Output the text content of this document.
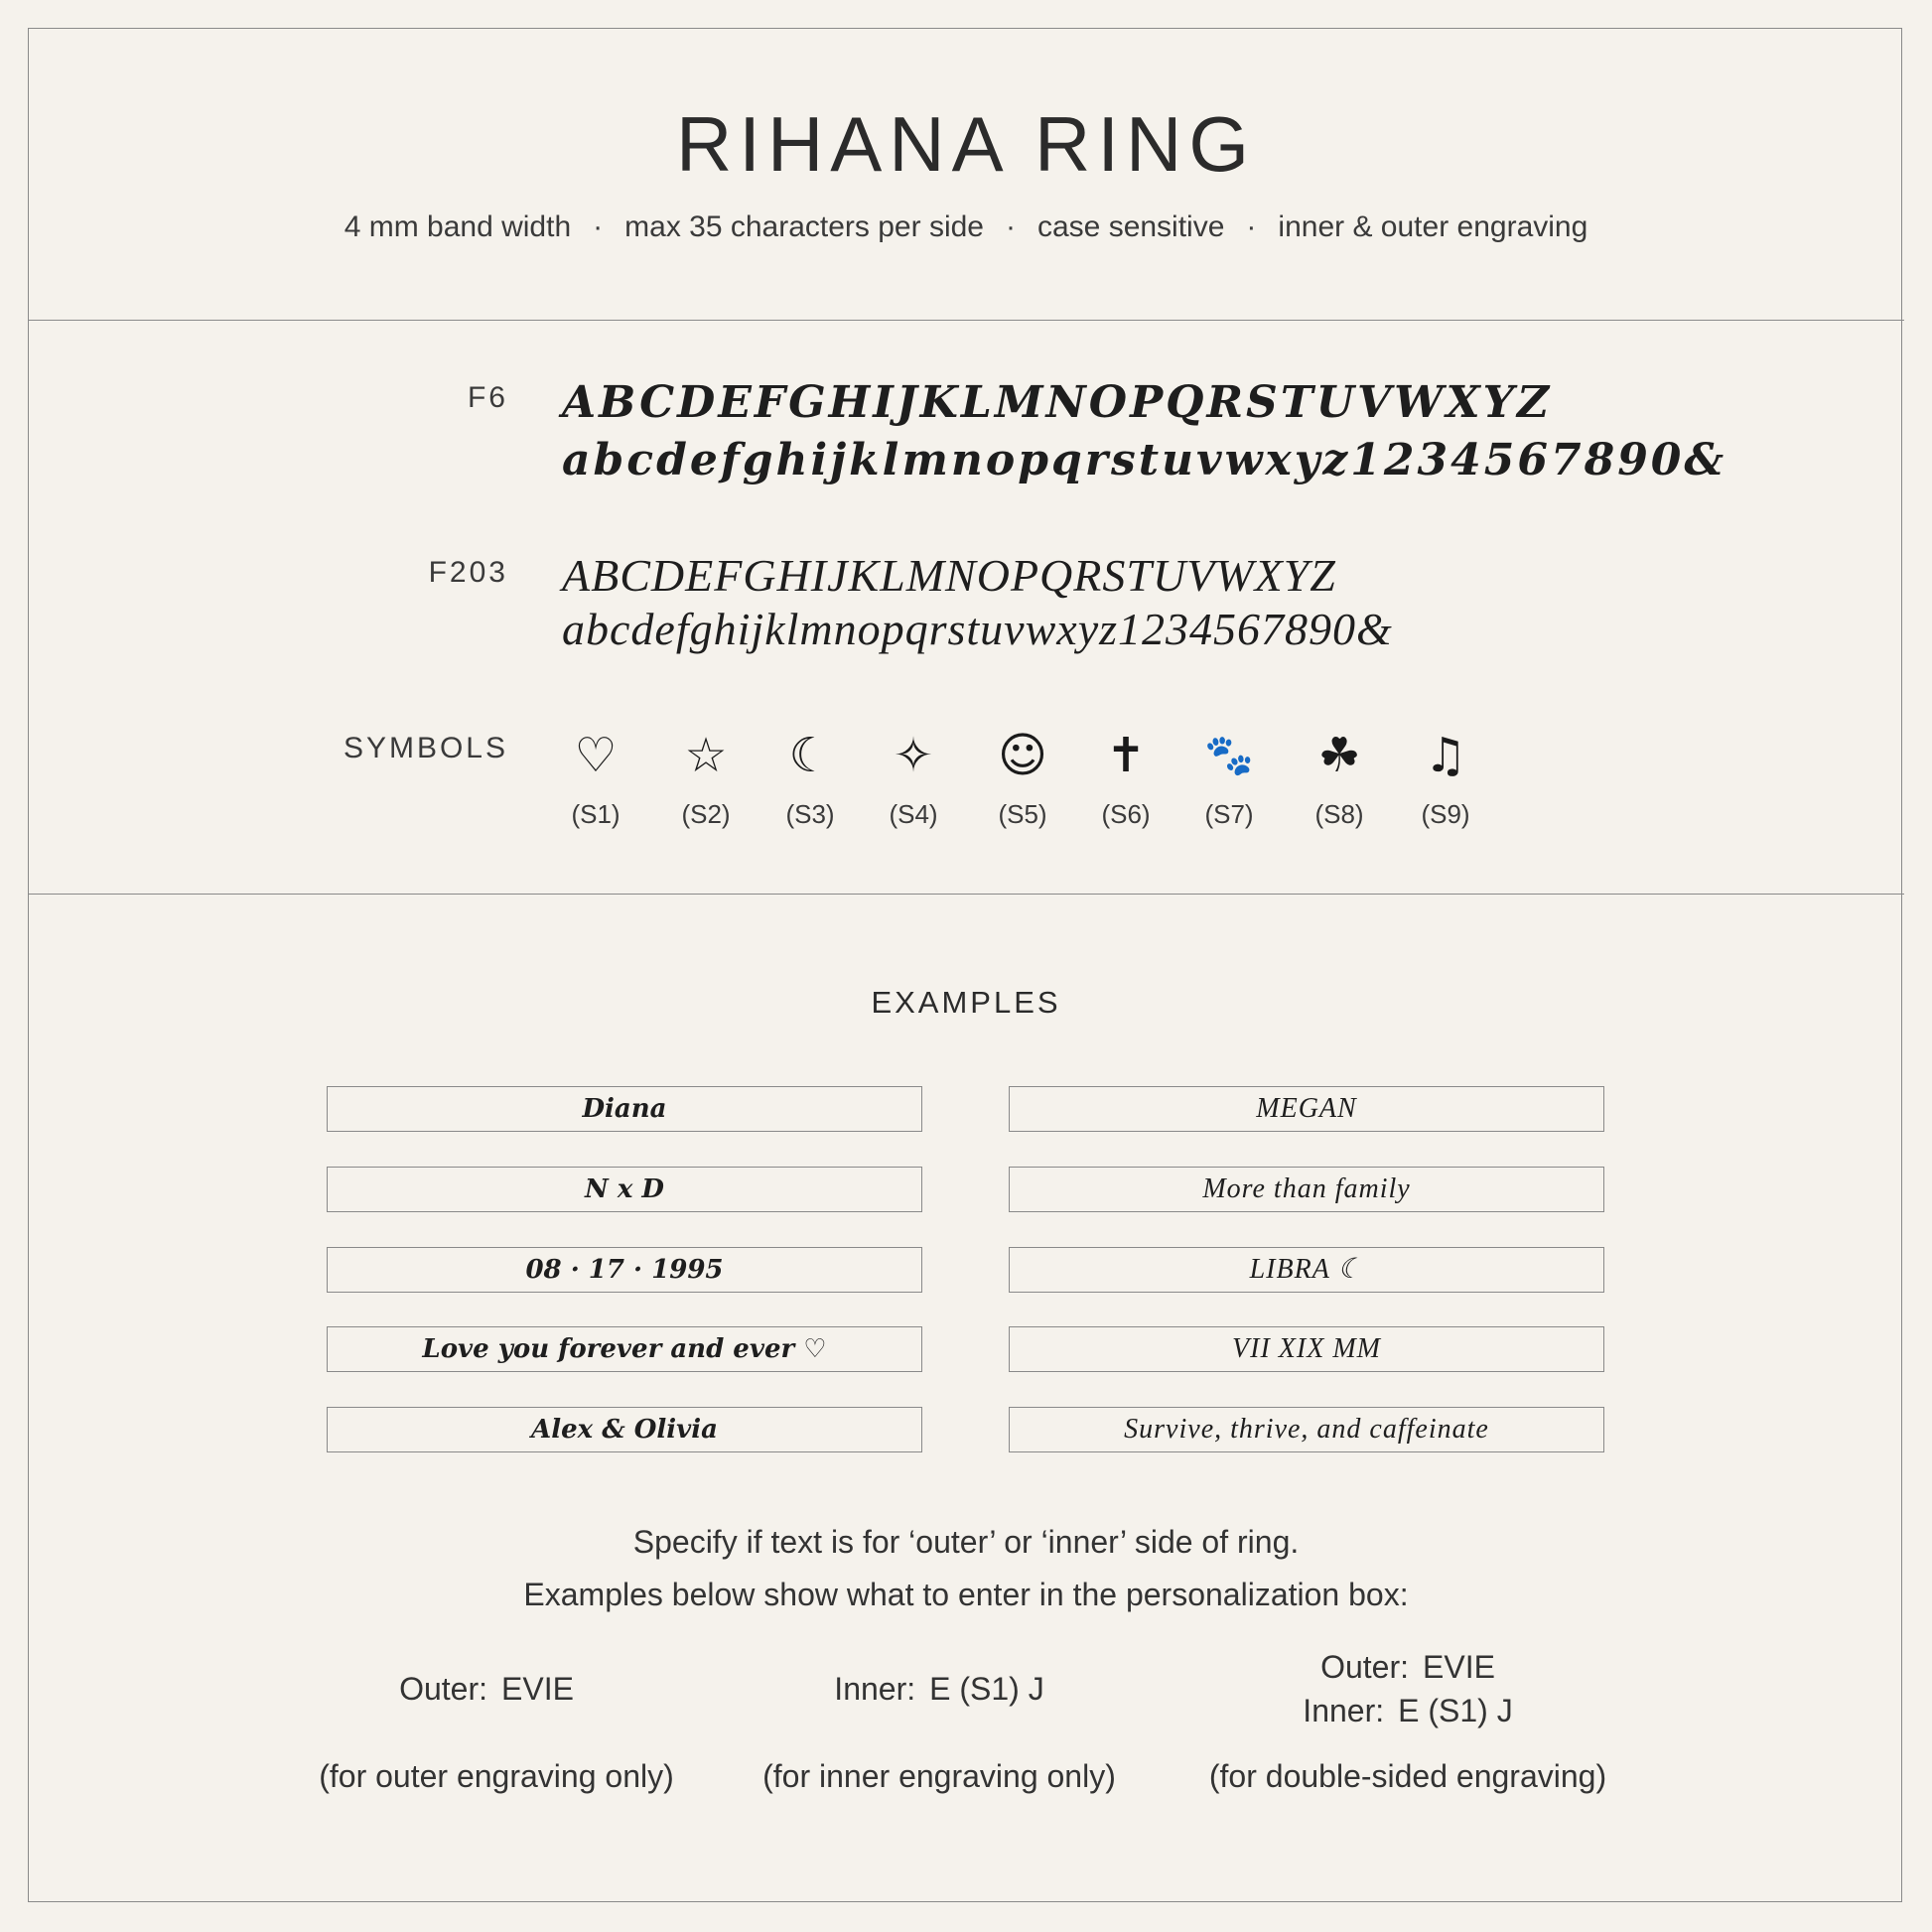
RIHANA RING
4 mm band width · max 35 characters per side · case sensitive · inner & outer engraving
F6 ABCDEFGHIJKLMNOPQRSTUVWXYZ
abcdefghijklmnopqrstuvwxyz1234567890&
F203 ABCDEFGHIJKLMNOPQRSTUVWXYZ
abcdefghijklmnopqrstuvwxyz1234567890&
SYMBOLS	♡
(S1)
☆
(S2)
☾
(S3)
✧
(S4)
☺
(S5)
✝
(S6)
🐾
(S7)
☘
(S8)
♫
(S9)
EXAMPLES
Diana
N x D
08 · 17 · 1995
Love you forever and ever ♡
Alex & Olivia
MEGAN
More than family
LIBRA ☾
VII XIX MM
Survive, thrive, and caffeinate
Specify if text is for ‘outer’ or ‘inner’ side of ring.
Examples below show what to enter in the personalization box:
Outer: EVIE
(for outer engraving only)
Inner: E (S1) J
(for inner engraving only)
Outer: EVIE
Inner: E (S1) J
(for double-sided engraving)
